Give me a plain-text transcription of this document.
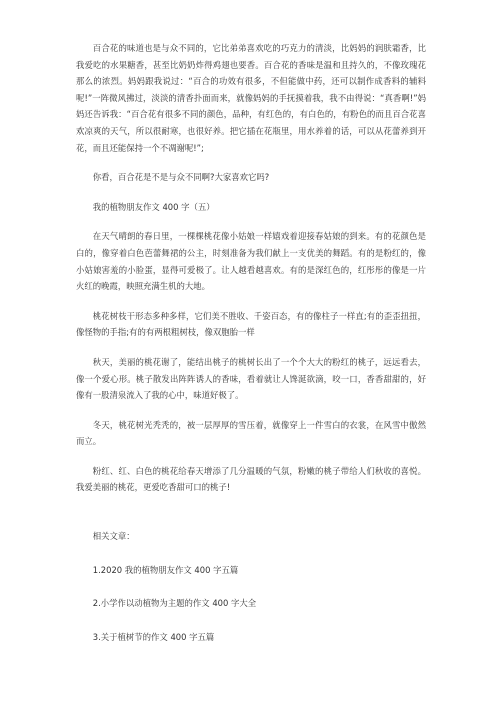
百合花的味道也是与众不同的，它比弟弟喜欢吃的巧克力的清淡，比妈妈的润肤霜香，比我爱吃的水果糖香，甚至比奶奶炸得鸡翅也要香。百合花的香味是温和且持久的，不像玫瑰花那么的浓烈。妈妈跟我说过：“百合的功效有很多，不但能做中药，还可以制作成香料的辅料呢!”一阵微风拂过，淡淡的清香扑面而来，就像妈妈的手抚摸着我，我不由得说：“真香啊!”妈妈还告诉我：“百合花有很多不同的颜色，品种，有红色的，有白色的，有粉色的而且百合花喜欢凉爽的天气，所以很耐寒，也很好养。把它插在花瓶里，用水养着的话，可以从花蕾养到开花，而且还能保持一个不凋谢呢!”;

你看，百合花是不是与众不同啊?大家喜欢它吗?

我的植物朋友作文 400 字（五）

在天气晴朗的春日里，一棵棵桃花像小姑娘一样嬉戏着迎接春姑娘的到来。有的花颜色是白的，像穿着白色芭蕾舞裙的公主，时刻准备为我们献上一支优美的舞蹈。有的是粉红的，像小姑娘害羞的小脸蛋，显得可爱极了。让人越看越喜欢。有的是深红色的，红彤彤的像是一片火红的晚霞，映照充满生机的大地。

桃花树枝干形态多种多样，它们美不胜收、千姿百态，有的像柱子一样直;有的歪歪扭扭，像怪物的手指;有的有两根粗树枝，像双胞胎一样

秋天，美丽的桃花谢了，能结出桃子的桃树长出了一个个大大的粉红的桃子，远远看去，像一个爱心形。桃子散发出阵阵诱人的香味，看着就让人馋涎欲滴，咬一口，香香甜甜的，好像有一股清泉流入了我的心中，味道好极了。

冬天，桃花树光秃秃的，被一层厚厚的雪压着，就像穿上一件雪白的衣裳，在风雪中傲然而立。

粉红、红、白色的桃花给春天增添了几分温暖的气氛，粉嫩的桃子带给人们秋收的喜悦。我爱美丽的桃花，更爱吃香甜可口的桃子!

相关文章：

1.2020 我的植物朋友作文 400 字五篇
2.小学作以动植物为主题的作文 400 字大全
3.关于植树节的作文 400 字五篇
